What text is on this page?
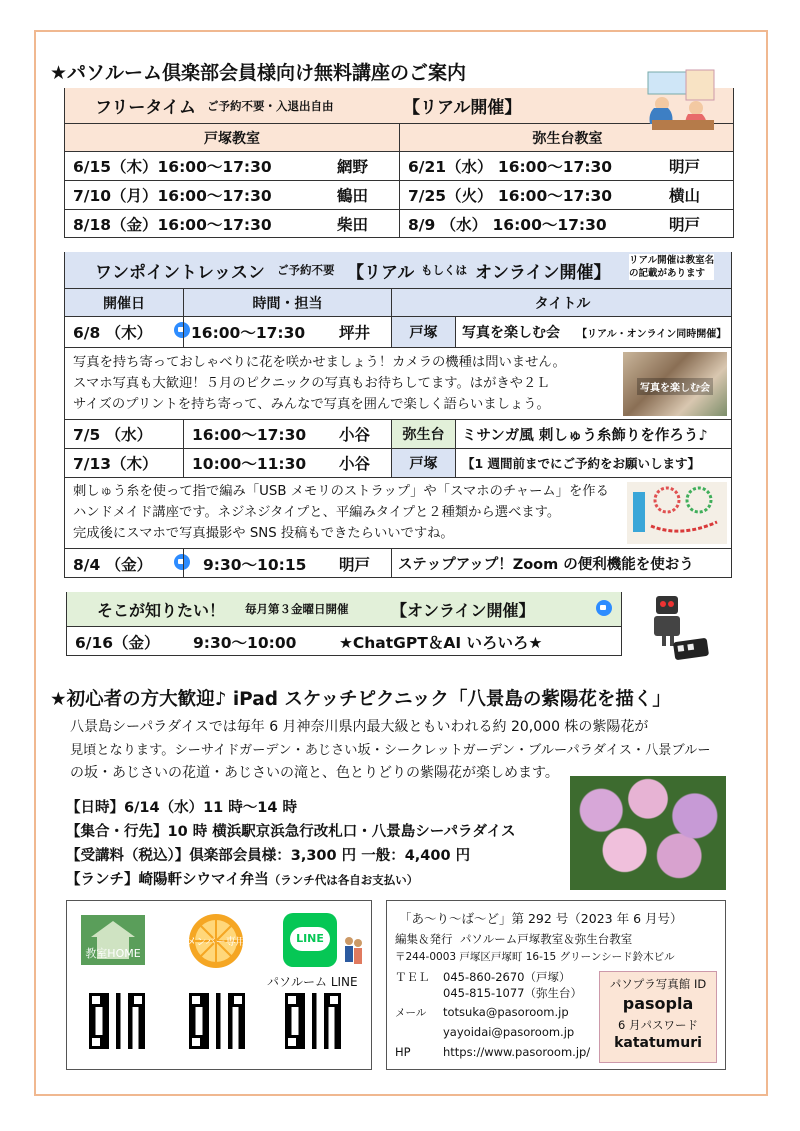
★パソルーム倶楽部会員様向け無料講座のご案内
フリータイム ご予約不要・入退出自由	【リアル開催】
戸塚教室	弥生台教室
6/15（木）16:00～17:30	網野	6/21（水） 16:00～17:30	明戸
7/10（月）16:00～17:30	鶴田	7/25（火） 16:00～17:30	横山
8/18（金）16:00～17:30	柴田	8/9 （水） 16:00～17:30	明戸
ワンポイントレッスン ご予約不要 【リアル もしくは オンライン開催】
リアル開催は教室名
の記載があります
開催日	時間・担当	タイトル
6/8 （木）	16:00～17:30 坪井	戸塚	写真を楽しむ会 【リアル・オンライン同時開催】
写真を持ち寄っておしゃべりに花を咲かせましょう！カメラの機種は問いません。
スマホ写真も大歓迎！５月のピクニックの写真もお待ちしてます。はがきや２Ｌ
サイズのプリントを持ち寄って、みんなで写真を囲んで楽しく語らいましょう。
写真を楽しむ会
7/5 （水）	16:00～17:30 小谷	弥生台	ミサンガ風 刺しゅう糸飾りを作ろう♪
7/13（木）	10:00～11:30 小谷	戸塚	【1 週間前までにご予約をお願いします】
刺しゅう糸を使って指で編み「USB メモリのストラップ」や「スマホのチャーム」を作る
ハンドメイド講座です。ネジネジタイプと、平編みタイプと２種類から選べます。
完成後にスマホで写真撮影や SNS 投稿もできたらいいですね。
8/4 （金）	9:30～10:15 明戸	ステップアップ！Zoom の便利機能を使おう
そこが知りたい！ 毎月第３金曜日開催	【オンライン開催】
6/16（金） 9:30～10:00	★ChatGPT＆AI いろいろ★
★初心者の方大歓迎♪ iPad スケッチピクニック「八景島の紫陽花を描く」
八景島シーパラダイスでは毎年 6 月神奈川県内最大級ともいわれる約 20,000 株の紫陽花が
見頃となります。シーサイドガーデン・あじさい坂・シークレットガーデン・ブルーパラダイス・八景ブルー
の坂・あじさいの花道・あじさいの滝と、色とりどりの紫陽花が楽しめます。
【日時】6/14（水）11 時～14 時
【集合・行先】10 時 横浜駅京浜急行改札口・八景島シーパラダイス
【受講料（税込）】倶楽部会員様：3,300 円 一般：4,400 円
【ランチ】崎陽軒シウマイ弁当（ランチ代は各自お支払い）
教室HOME
メンバー専用	LINE
パソルーム LINE
「あ～り～ば～ど」第 292 号（2023 年 6 月号）
編集＆発行 パソルーム戸塚教室＆弥生台教室
〒244-0003 戸塚区戸塚町 16-15 グリーンシード鈴木ビル
ＴＥＬ 045-860-2670（戸塚）
045-815-1077（弥生台）
メール totsuka@pasoroom.jp
yayoidai@pasoroom.jp
HP	https://www.pasoroom.jp/
パソプラ写真館 ID
pasopla
6 月パスワード
katatumuri
